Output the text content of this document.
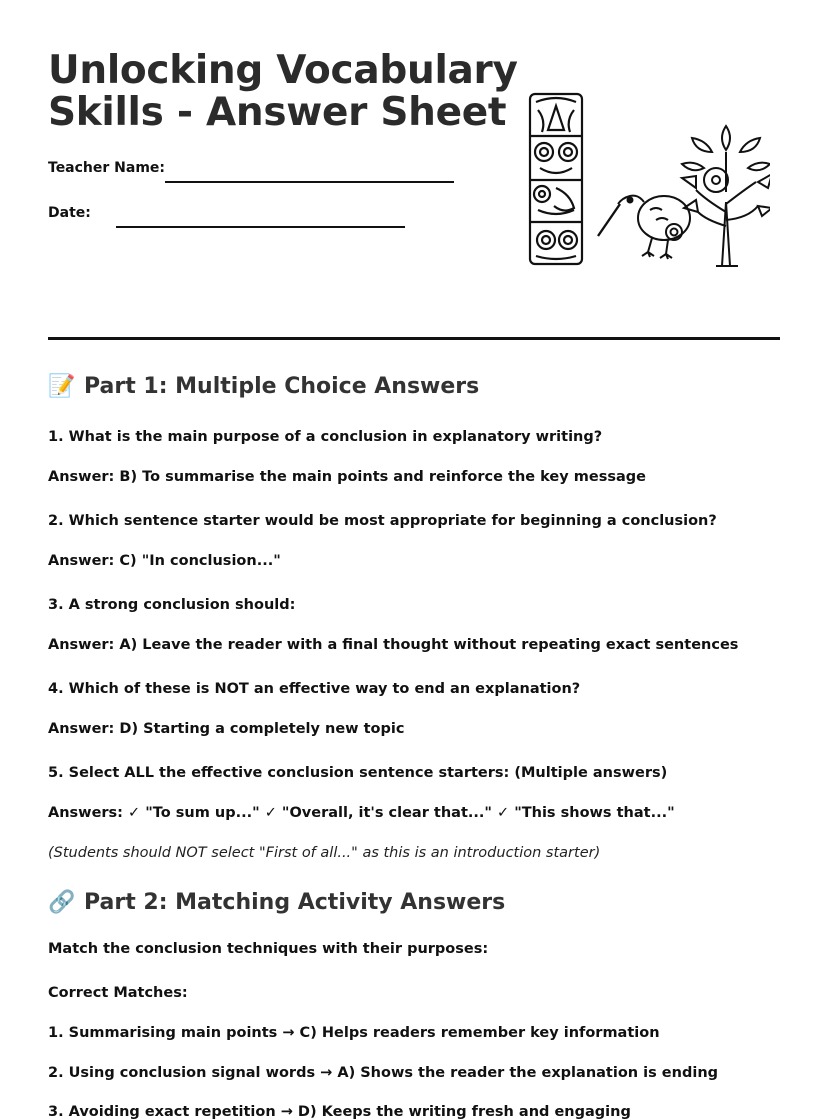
Unlocking Vocabulary
Skills - Answer Sheet
Teacher Name:
Date:
📝 Part 1: Multiple Choice Answers
1. What is the main purpose of a conclusion in explanatory writing?
Answer: B) To summarise the main points and reinforce the key message
2. Which sentence starter would be most appropriate for beginning a conclusion?
Answer: C) "In conclusion..."
3. A strong conclusion should:
Answer: A) Leave the reader with a final thought without repeating exact sentences
4. Which of these is NOT an effective way to end an explanation?
Answer: D) Starting a completely new topic
5. Select ALL the effective conclusion sentence starters: (Multiple answers)
Answers: ✓ "To sum up..." ✓ "Overall, it's clear that..." ✓ "This shows that..."
(Students should NOT select "First of all..." as this is an introduction starter)
🔗 Part 2: Matching Activity Answers
Match the conclusion techniques with their purposes:
Correct Matches:
1. Summarising main points → C) Helps readers remember key information
2. Using conclusion signal words → A) Shows the reader the explanation is ending
3. Avoiding exact repetition → D) Keeps the writing fresh and engaging
